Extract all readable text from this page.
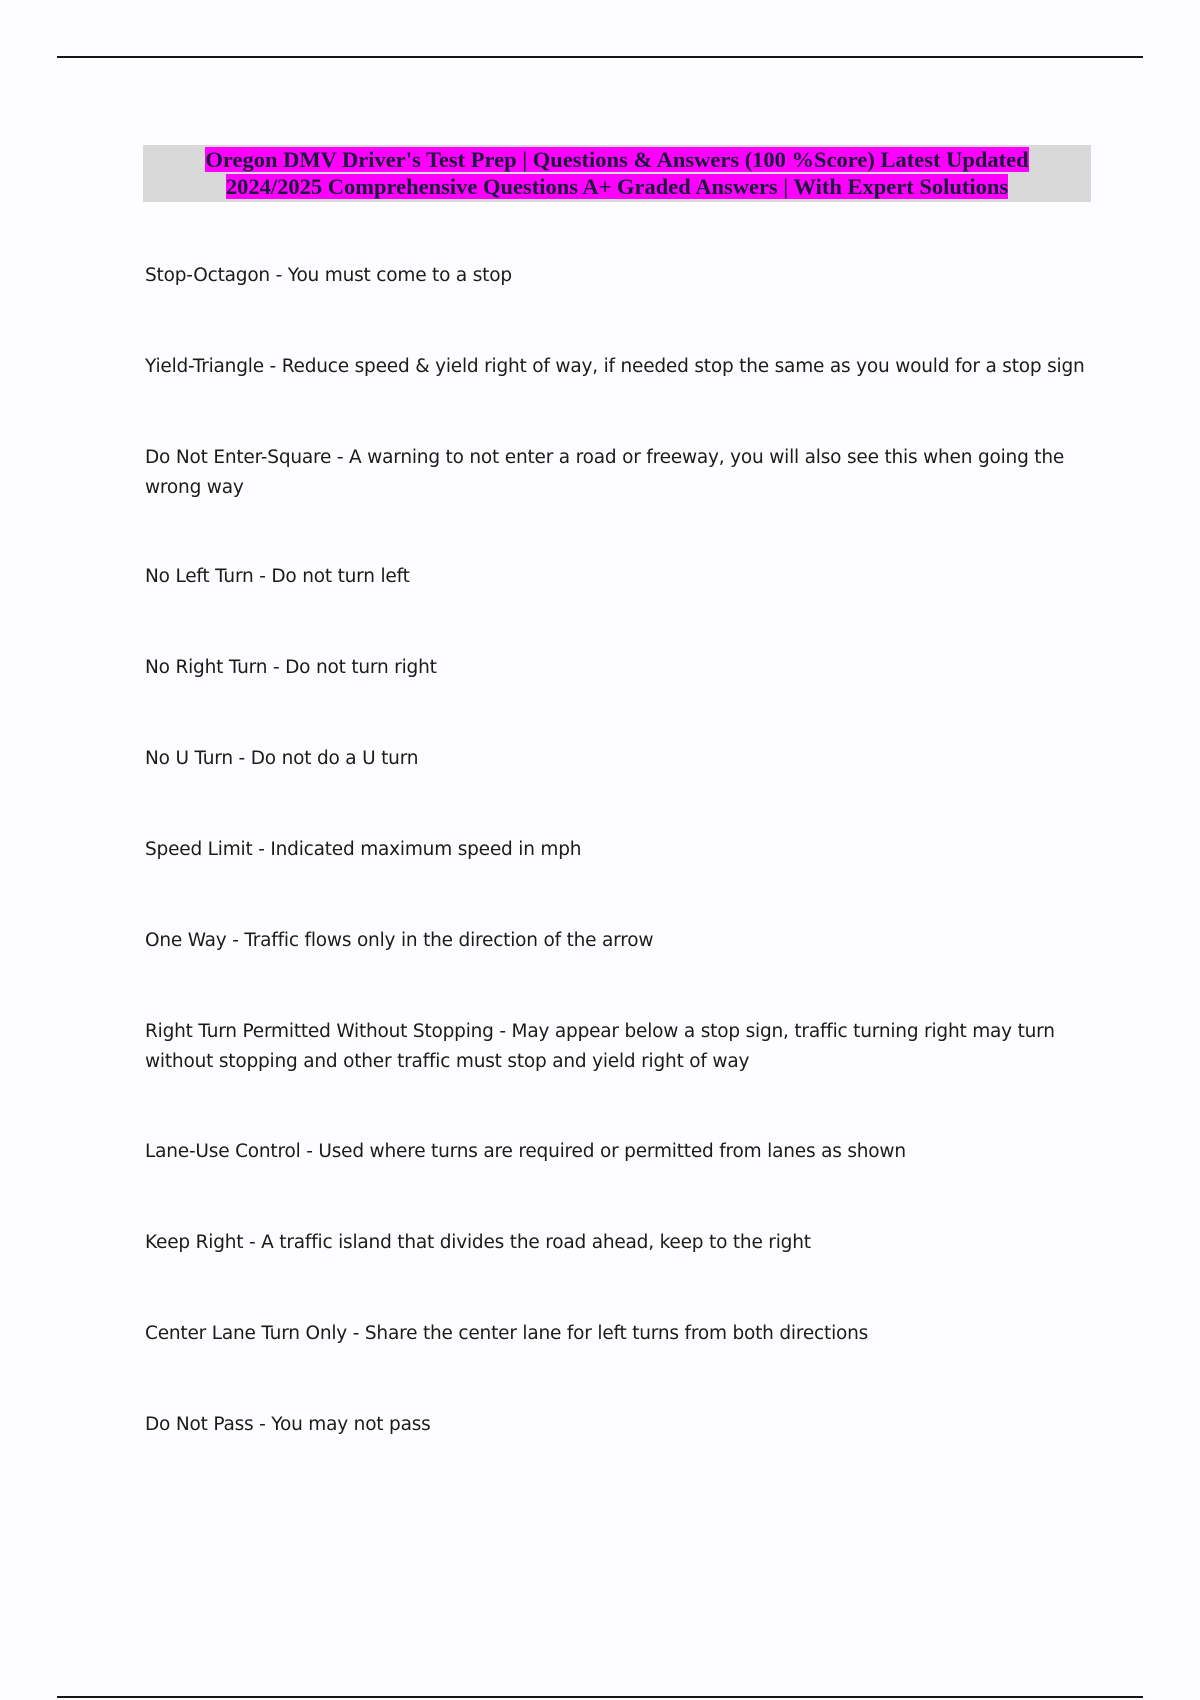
Oregon DMV Driver's Test Prep | Questions & Answers (100 %Score) Latest Updated
2024/2025 Comprehensive Questions A+ Graded Answers | With Expert Solutions
Stop-Octagon - You must come to a stop
Yield-Triangle - Reduce speed & yield right of way, if needed stop the same as you would for a stop sign
Do Not Enter-Square - A warning to not enter a road or freeway, you will also see this when going the wrong way
No Left Turn - Do not turn left
No Right Turn - Do not turn right
No U Turn - Do not do a U turn
Speed Limit - Indicated maximum speed in mph
One Way - Traffic flows only in the direction of the arrow
Right Turn Permitted Without Stopping - May appear below a stop sign, traffic turning right may turn without stopping and other traffic must stop and yield right of way
Lane-Use Control - Used where turns are required or permitted from lanes as shown
Keep Right - A traffic island that divides the road ahead, keep to the right
Center Lane Turn Only - Share the center lane for left turns from both directions
Do Not Pass - You may not pass
